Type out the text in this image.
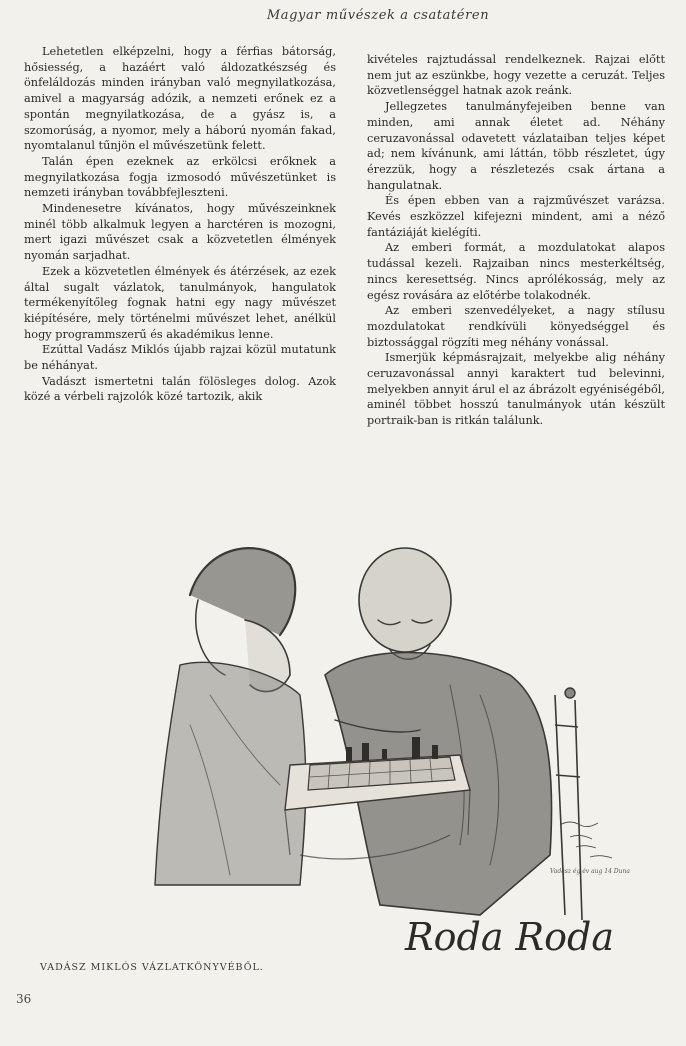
Magyar művészek a csatatéren

Lehetetlen elképzelni, hogy a férfias bátorság, hősiesség, a hazáért való áldozatkészség és önfeláldozás minden irányban való megnyilatkozása, amivel a magyarság adózik, a nemzeti erőnek ez a spontán megnyilatkozása, de a gyász is, a szomorúság, a nyomor, mely a háború nyomán fakad, nyomtalanul tűnjön el művészetünk felett.

Talán épen ezeknek az erkölcsi erőknek a megnyilatkozása fogja izmosodó művészetünket is nemzeti irányban továbbfejleszteni.

Mindenesetre kívánatos, hogy művészeinknek minél több alkalmuk legyen a harctéren is mozogni, mert igazi művészet csak a közvetetlen élmények nyomán sarjadhat.

Ezek a közvetetlen élmények és átérzések, az ezek által sugalt vázlatok, tanulmányok, hangulatok termékenyítőleg fognak hatni egy nagy művészet kiépítésére, mely történelmi művészet lehet, anélkül hogy programmszerű és akadémikus lenne.

Ezúttal Vadász Miklós újabb rajzai közül mutatunk be néhányat.

Vadászt ismertetni talán fölösleges dolog. Azok közé a vérbeli rajzolók közé tartozik, akik

kivételes rajztudással rendelkeznek. Rajzai előtt nem jut az eszünkbe, hogy vezette a ceruzát. Teljes közvetlenséggel hatnak azok reánk.

Jellegzetes tanulmányfejeiben benne van minden, ami annak életet ad. Néhány ceruzavonással odavetett vázlataiban teljes képet ad; nem kívánunk, ami láttán, több részletet, úgy érezzük, hogy a részletezés csak ártana a hangulatnak.

És épen ebben van a rajzművészet varázsa. Kevés eszközzel kifejezni mindent, ami a néző fantáziáját kielégíti.

Az emberi formát, a mozdulatokat alapos tudással kezeli. Rajzaiban nincs mesterkéltség, nincs keresettség. Nincs aprólékosság, mely az egész rovására az előtérbe tolakodnék.

Az emberi szenvedélyeket, a nagy stílusu mozdulatokat rendkívüli könyedséggel és biztossággal rögzíti meg néhány vonással.

Ismerjük képmásrajzait, melyekbe alig néhány ceruzavonással annyi karaktert tud belevinni, melyekben annyit árul el az ábrázolt egyéniségéből, aminél többet hosszú tanulmányok után készült portraik-ban is ritkán találunk.

Vadász ég év aug 14 Duna
Roda Roda
VADÁSZ MIKLÓS VÁZLATKÖNYVÉBŐL.
36
